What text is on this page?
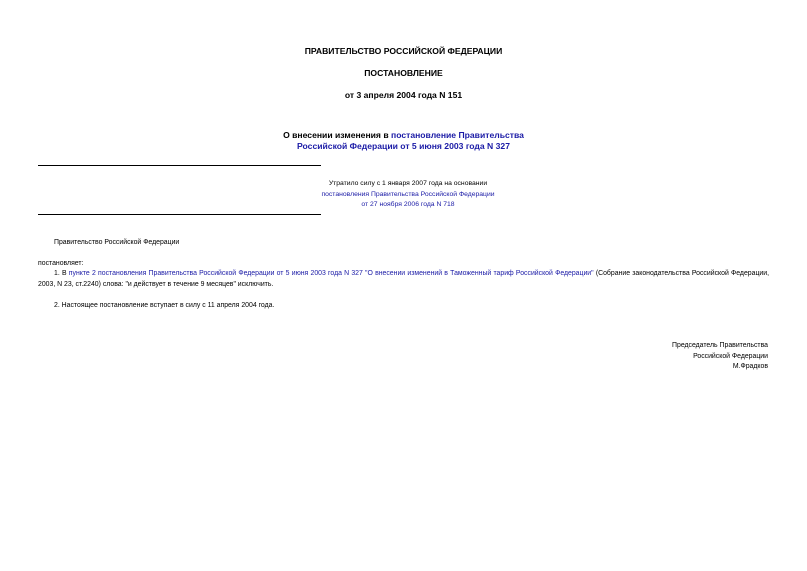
ПРАВИТЕЛЬСТВО РОССИЙСКОЙ ФЕДЕРАЦИИ
ПОСТАНОВЛЕНИЕ
от 3 апреля 2004 года N 151
О внесении изменения в постановление Правительства
Российской Федерации от 5 июня 2003 года N 327
Утратило силу с 1 января 2007 года на основании
постановления Правительства Российской Федерации
от 27 ноября 2006 года N 718
Правительство Российской Федерации
постановляет:
1. В пункте 2 постановления Правительства Российской Федерации от 5 июня 2003 года N 327 "О внесении изменений в Таможенный тариф Российской Федерации" (Собрание законодательства Российской Федерации, 2003, N 23, ст.2240) слова: "и действует в течение 9 месяцев" исключить.
2. Настоящее постановление вступает в силу с 11 апреля 2004 года.
Председатель Правительства
Российской Федерации
М.Фрадков
